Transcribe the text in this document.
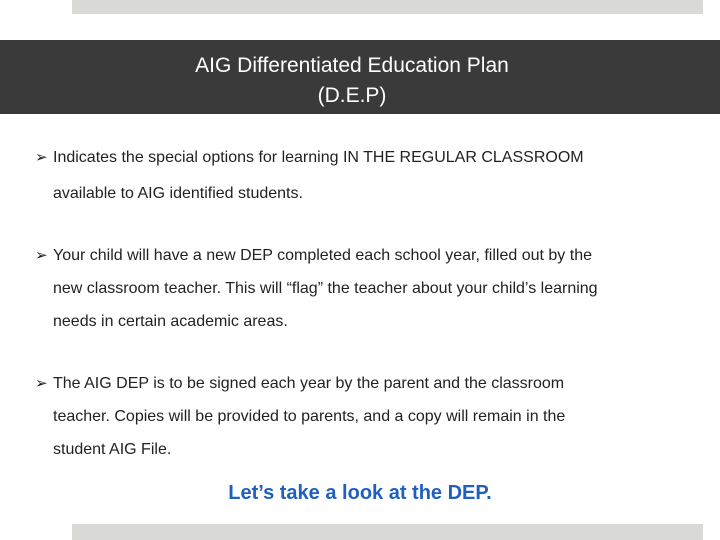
AIG Differentiated Education Plan
(D.E.P)
➢ Indicates the special options for learning IN THE REGULAR CLASSROOM
available to AIG identified students.
➢ Your child will have a new DEP completed each school year, filled out by the
new classroom teacher. This will “flag” the teacher about your child’s learning
needs in certain academic areas.
➢ The AIG DEP is to be signed each year by the parent and the classroom
teacher. Copies will be provided to parents, and a copy will remain in the
student AIG File.
Let’s take a look at the DEP.
